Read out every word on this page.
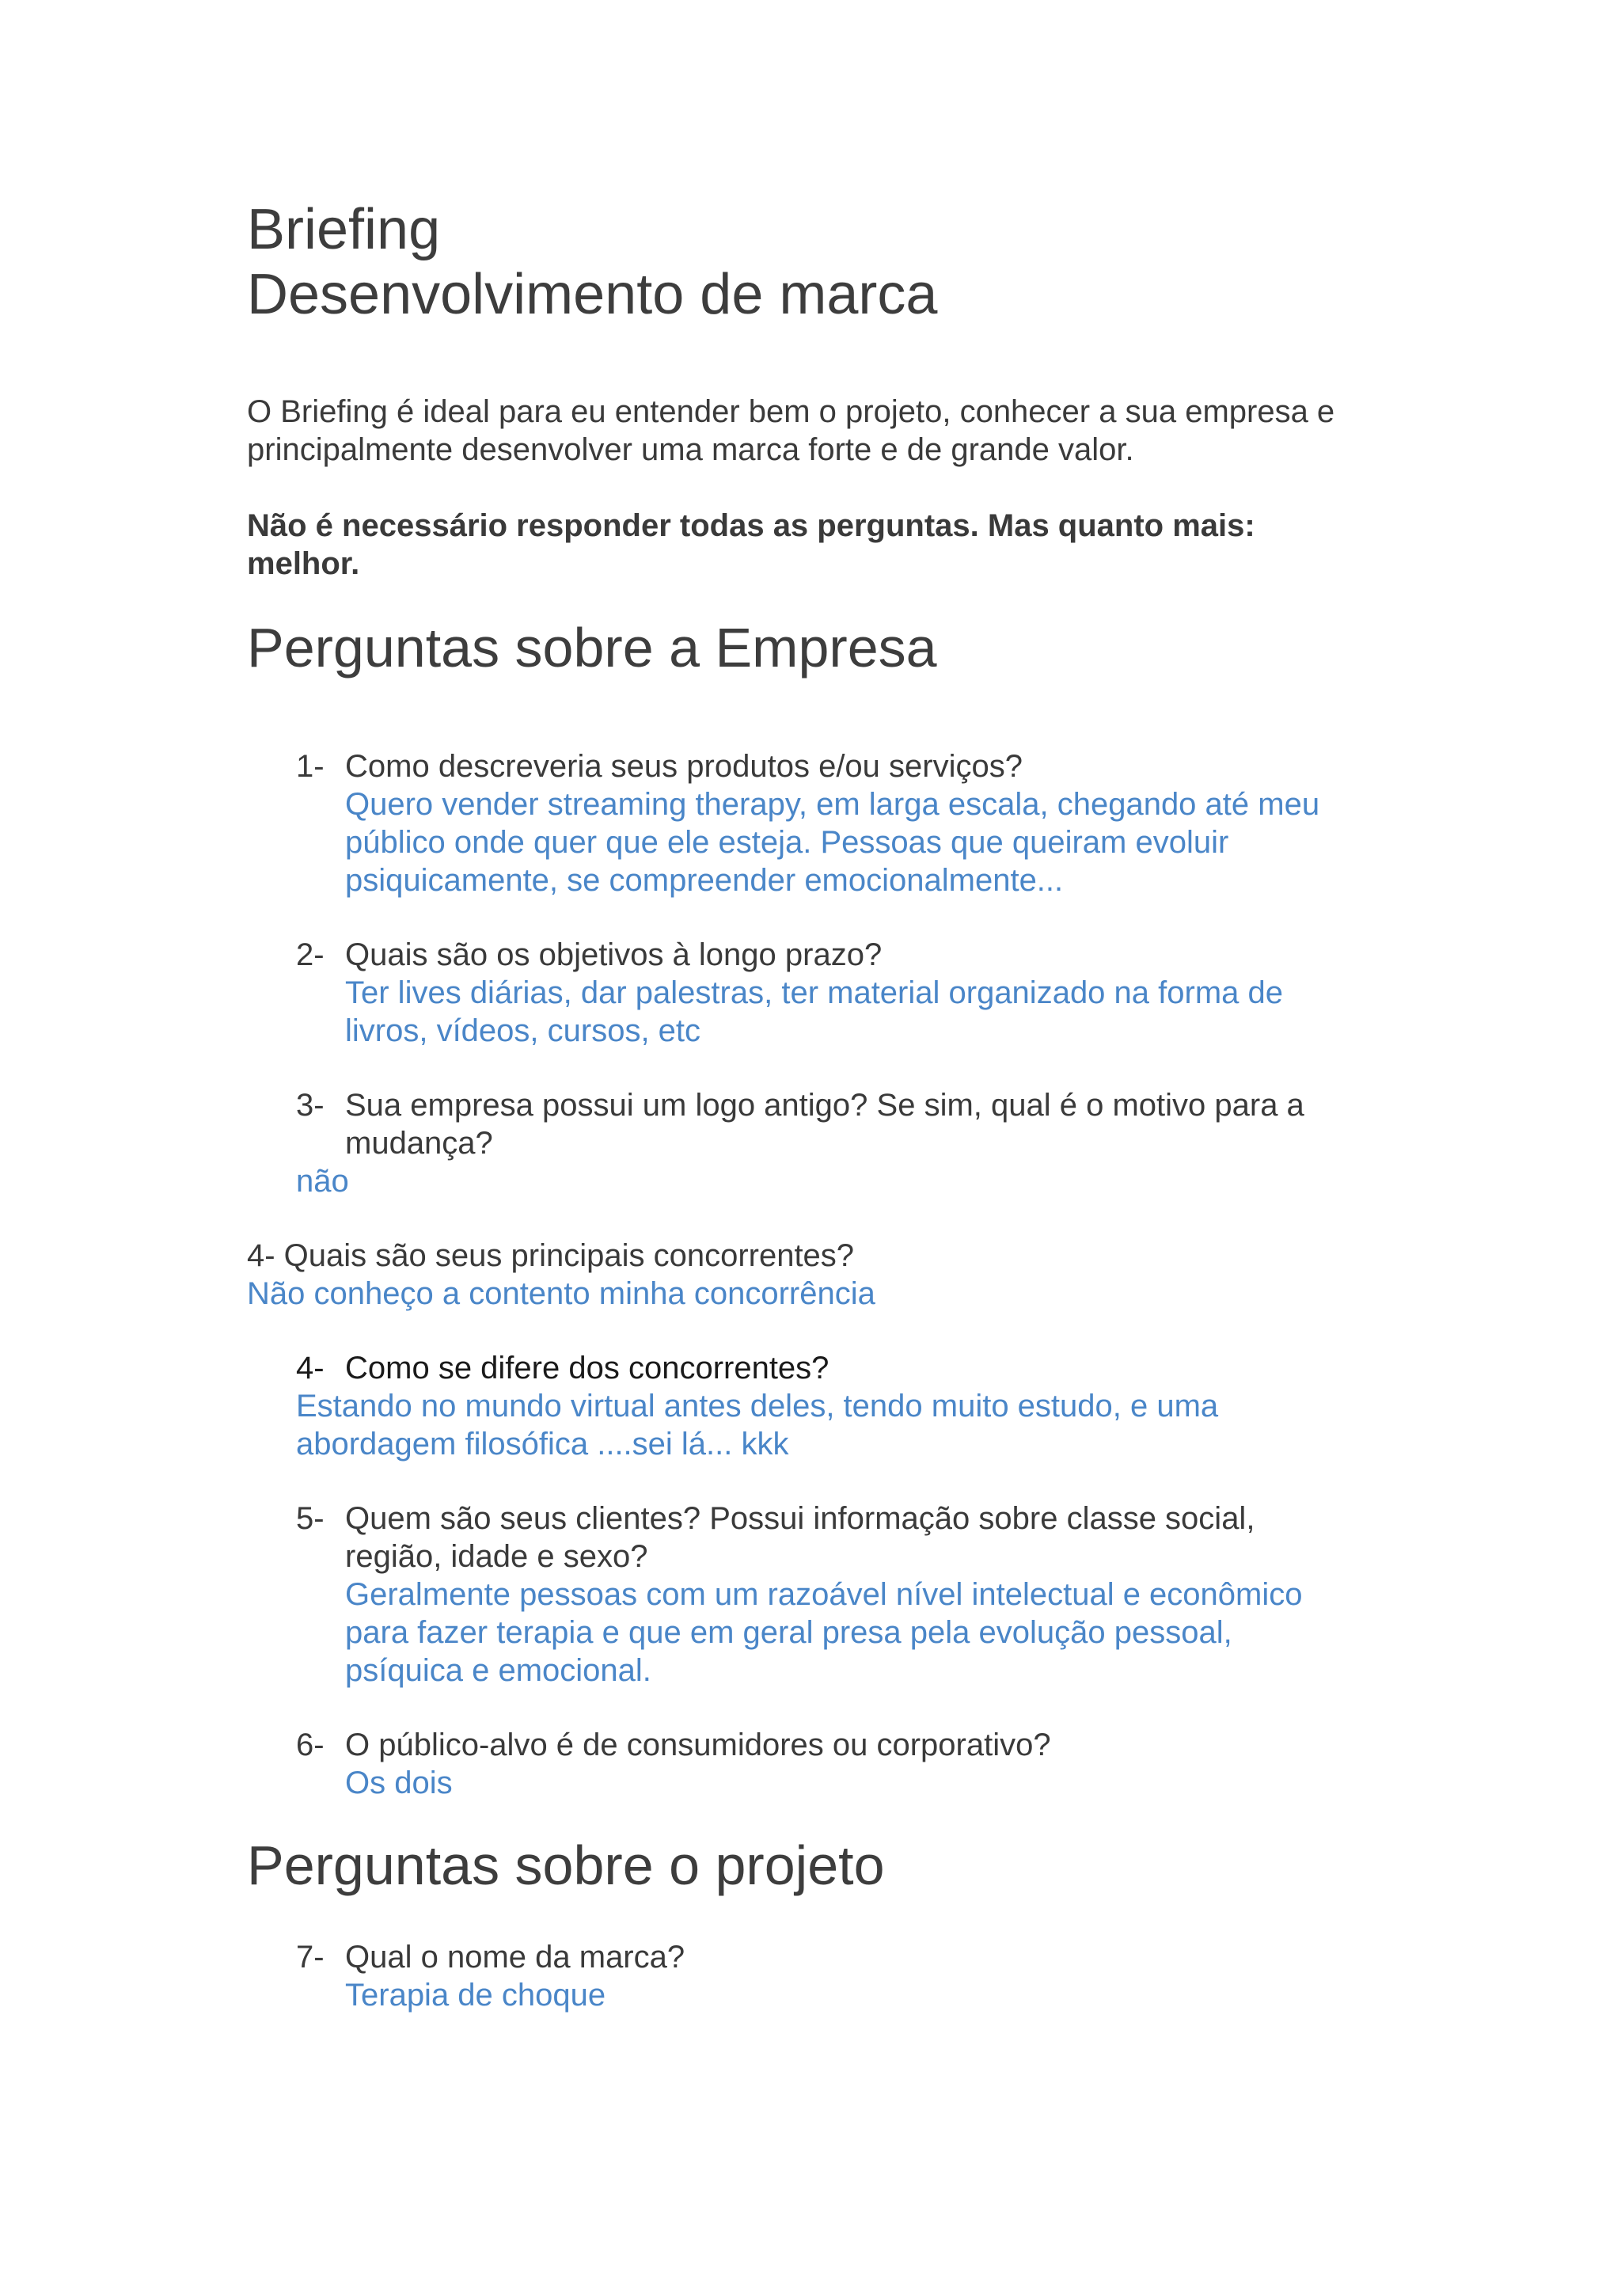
Briefing
Desenvolvimento de marca
O Briefing é ideal para eu entender bem o projeto, conhecer a sua empresa e principalmente desenvolver uma marca forte e de grande valor.
Não é necessário responder todas as perguntas. Mas quanto mais: melhor.
Perguntas sobre a Empresa
1- Como descreveria seus produtos e/ou serviços?
Quero vender streaming therapy, em larga escala, chegando até meu público onde quer que ele esteja. Pessoas que queiram evoluir psiquicamente, se compreender emocionalmente...
2- Quais são os objetivos à longo prazo?
Ter lives diárias, dar palestras, ter material organizado na forma de livros, vídeos, cursos, etc
3- Sua empresa possui um logo antigo? Se sim, qual é o motivo para a mudança?
não
4- Quais são seus principais concorrentes?
Não conheço a contento minha concorrência
4- Como se difere dos concorrentes?
Estando no mundo virtual antes deles, tendo muito estudo, e uma abordagem filosófica ....sei lá... kkk
5- Quem são seus clientes? Possui informação sobre classe social, região, idade e sexo?
Geralmente pessoas com um razoável nível intelectual e econômico para fazer terapia e que em geral presa pela evolução pessoal, psíquica e emocional.
6- O público-alvo é de consumidores ou corporativo?
Os dois
Perguntas sobre o projeto
7- Qual o nome da marca?
Terapia de choque
